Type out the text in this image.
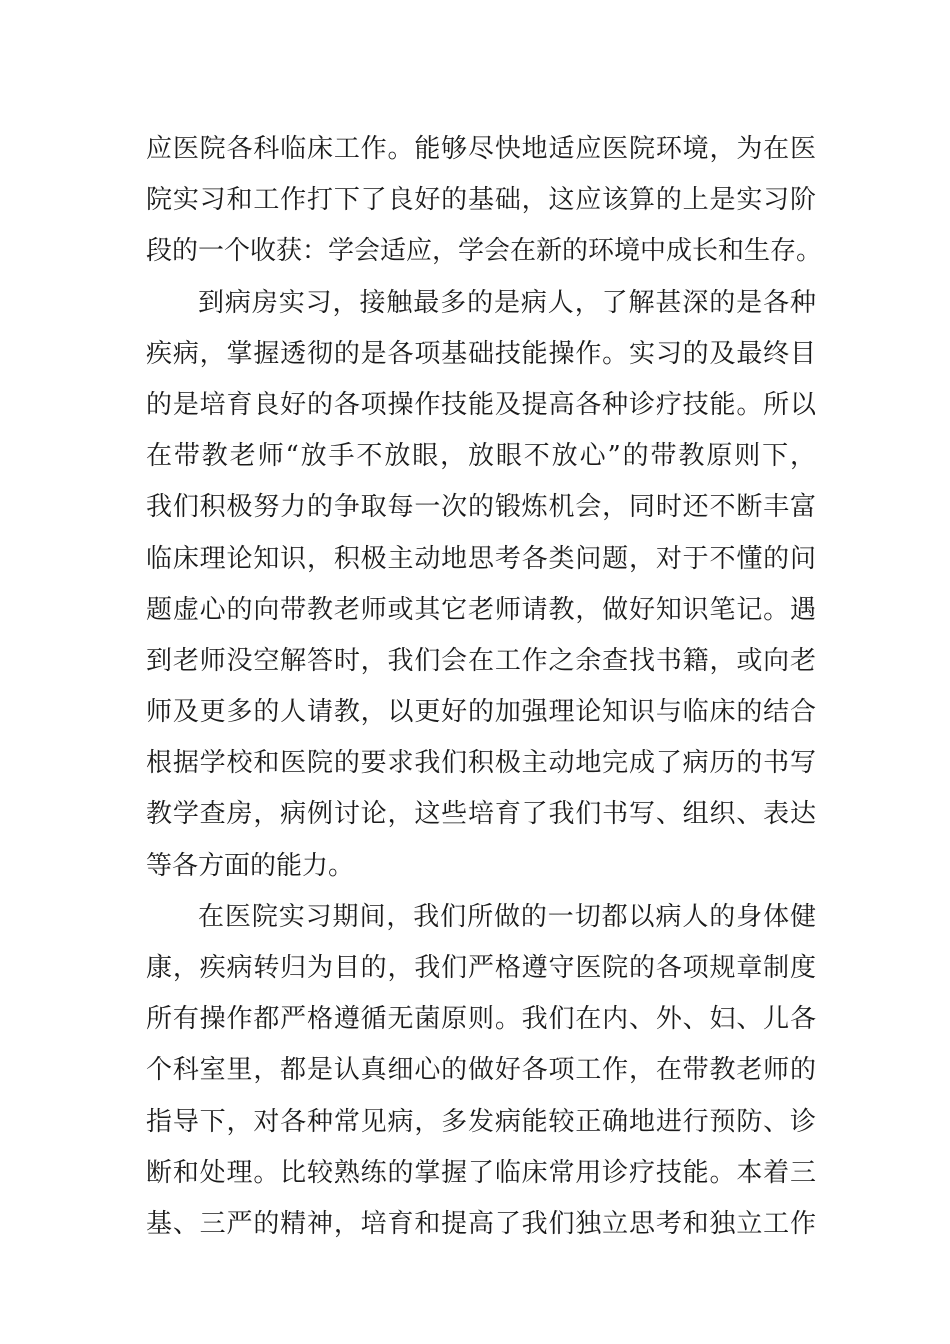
应医院各科临床工作。能够尽快地适应医院环境，为在医
院实习和工作打下了良好的基础，这应该算的上是实习阶
段的一个收获：学会适应，学会在新的环境中成长和生存。
到病房实习，接触最多的是病人，了解甚深的是各种
疾病，掌握透彻的是各项基础技能操作。实习的及最终目
的是培育良好的各项操作技能及提高各种诊疗技能。所以
在带教老师“放手不放眼，放眼不放心”的带教原则下，
我们积极努力的争取每一次的锻炼机会，同时还不断丰富
临床理论知识，积极主动地思考各类问题，对于不懂的问
题虚心的向带教老师或其它老师请教，做好知识笔记。遇
到老师没空解答时，我们会在工作之余查找书籍，或向老
师及更多的人请教，以更好的加强理论知识与临床的结合
根据学校和医院的要求我们积极主动地完成了病历的书写
教学查房，病例讨论，这些培育了我们书写、组织、表达
等各方面的能力。
在医院实习期间，我们所做的一切都以病人的身体健
康，疾病转归为目的，我们严格遵守医院的各项规章制度
所有操作都严格遵循无菌原则。我们在内、外、妇、儿各
个科室里，都是认真细心的做好各项工作，在带教老师的
指导下，对各种常见病，多发病能较正确地进行预防、诊
断和处理。比较熟练的掌握了临床常用诊疗技能。本着三
基、三严的精神，培育和提高了我们独立思考和独立工作
